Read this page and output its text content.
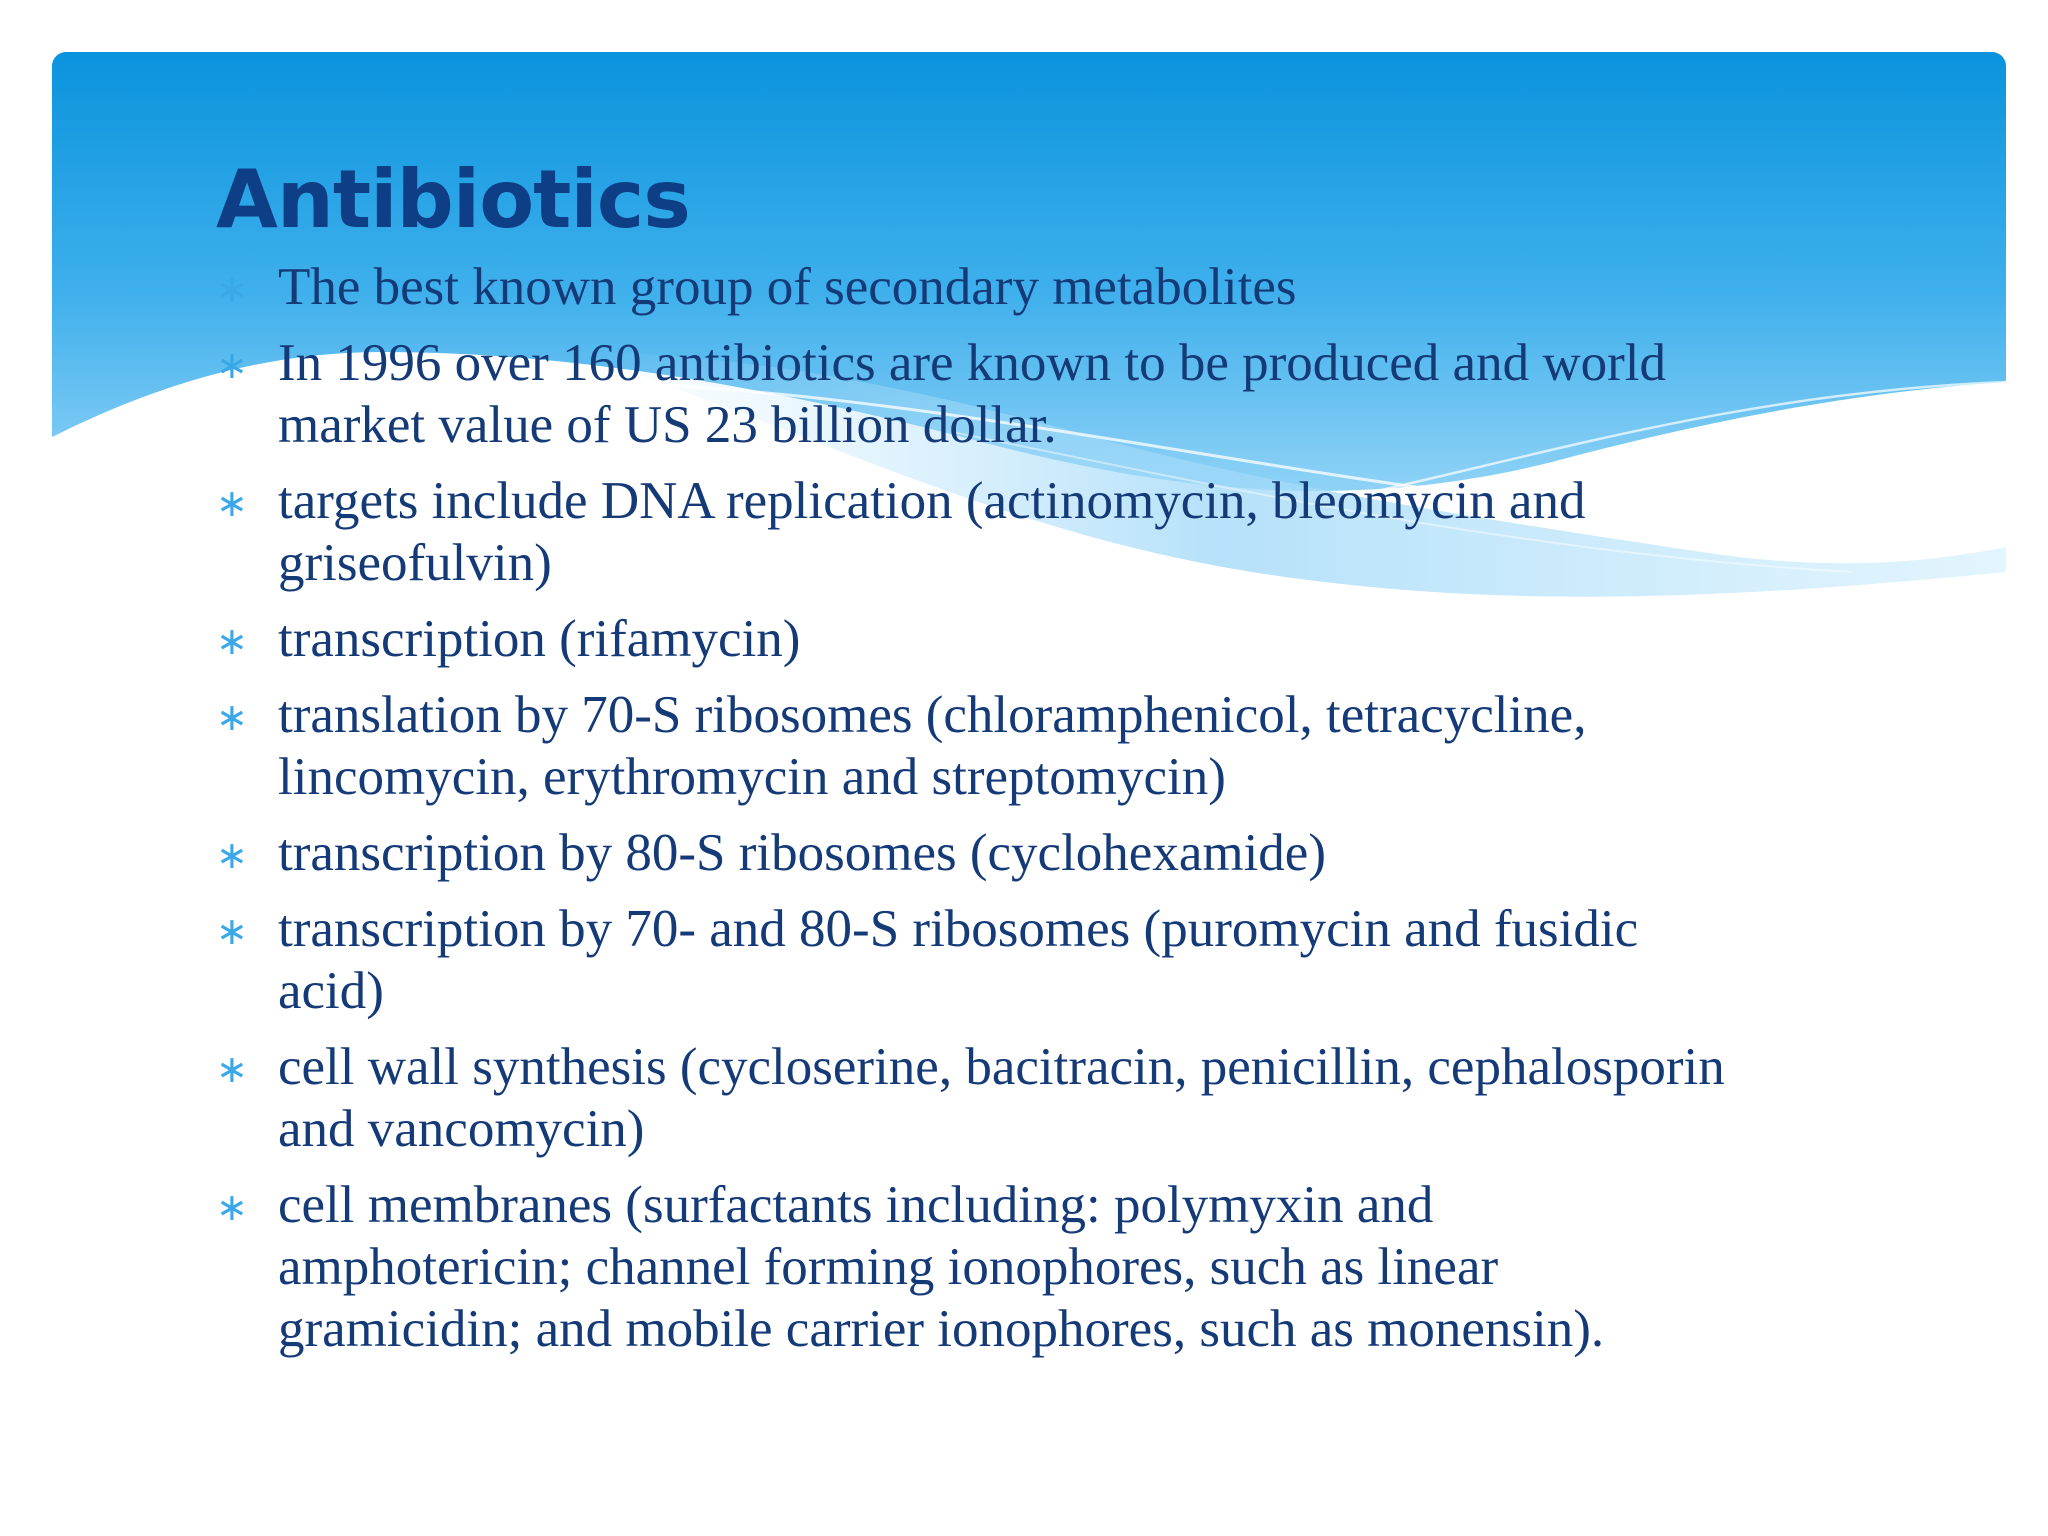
Antibiotics
∗ The best known group of secondary metabolites
∗ In 1996 over 160 antibiotics are known to be produced and world
market value of US 23 billion dollar.
∗ targets include DNA replication (actinomycin, bleomycin and
griseofulvin)
∗ transcription (rifamycin)
∗ translation by 70-S ribosomes (chloramphenicol, tetracycline,
lincomycin, erythromycin and streptomycin)
∗ transcription by 80-S ribosomes (cyclohexamide)
∗ transcription by 70- and 80-S ribosomes (puromycin and fusidic
acid)
∗ cell wall synthesis (cycloserine, bacitracin, penicillin, cephalosporin
and vancomycin)
∗ cell membranes (surfactants including: polymyxin and
amphotericin; channel forming ionophores, such as linear
gramicidin; and mobile carrier ionophores, such as monensin).
